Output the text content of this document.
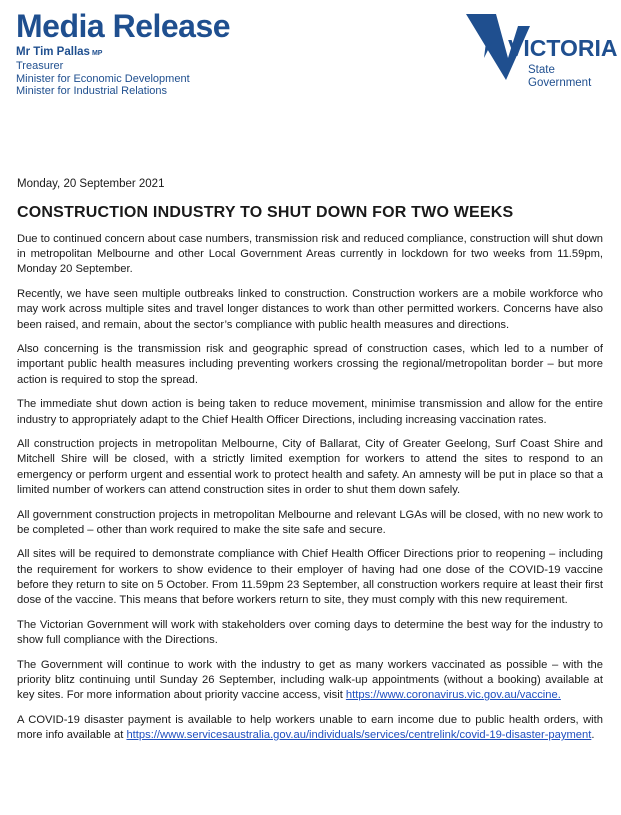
Media Release
Mr Tim Pallas MP
Treasurer
Minister for Economic Development
Minister for Industrial Relations
VICTORIA
State
Government

Monday, 20 September 2021

CONSTRUCTION INDUSTRY TO SHUT DOWN FOR TWO WEEKS

Due to continued concern about case numbers, transmission risk and reduced compliance, construction will shut down in metropolitan Melbourne and other Local Government Areas currently in lockdown for two weeks from 11.59pm, Monday 20 September.

Recently, we have seen multiple outbreaks linked to construction. Construction workers are a mobile workforce who may work across multiple sites and travel longer distances to work than other permitted workers. Concerns have also been raised, and remain, about the sector’s compliance with public health measures and directions.

Also concerning is the transmission risk and geographic spread of construction cases, which led to a number of important public health measures including preventing workers crossing the regional/metropolitan border – but more action is required to stop the spread.

The immediate shut down action is being taken to reduce movement, minimise transmission and allow for the entire industry to appropriately adapt to the Chief Health Officer Directions, including increasing vaccination rates.

All construction projects in metropolitan Melbourne, City of Ballarat, City of Greater Geelong, Surf Coast Shire and Mitchell Shire will be closed, with a strictly limited exemption for workers to attend the sites to respond to an emergency or perform urgent and essential work to protect health and safety. An amnesty will be put in place so that a limited number of workers can attend construction sites in order to shut them down safely.

All government construction projects in metropolitan Melbourne and relevant LGAs will be closed, with no new work to be completed – other than work required to make the site safe and secure.

All sites will be required to demonstrate compliance with Chief Health Officer Directions prior to reopening – including the requirement for workers to show evidence to their employer of having had one dose of the COVID-19 vaccine before they return to site on 5 October. From 11.59pm 23 September, all construction workers require at least their first dose of the vaccine. This means that before workers return to site, they must comply with this new requirement.

The Victorian Government will work with stakeholders over coming days to determine the best way for the industry to show full compliance with the Directions.

The Government will continue to work with the industry to get as many workers vaccinated as possible – with the priority blitz continuing until Sunday 26 September, including walk-up appointments (without a booking) available at key sites. For more information about priority vaccine access, visit https://www.coronavirus.vic.gov.au/vaccine.

A COVID-19 disaster payment is available to help workers unable to earn income due to public health orders, with more info available at https://www.servicesaustralia.gov.au/individuals/services/centrelink/covid-19-disaster-payment.
